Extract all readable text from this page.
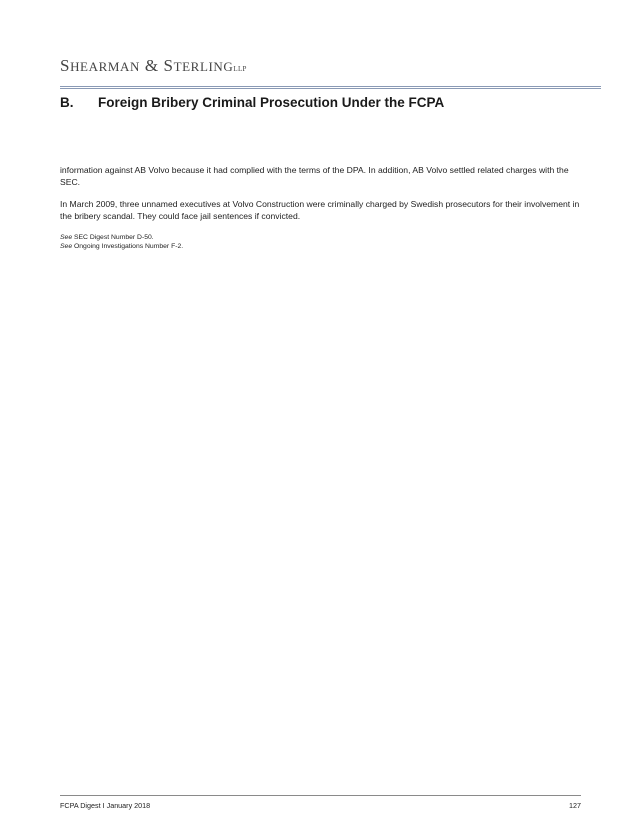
SHEARMAN & STERLINGLLP
B. Foreign Bribery Criminal Prosecution Under the FCPA
information against AB Volvo because it had complied with the terms of the DPA. In addition, AB Volvo settled related charges with the SEC.
In March 2009, three unnamed executives at Volvo Construction were criminally charged by Swedish prosecutors for their involvement in the bribery scandal. They could face jail sentences if convicted.
See SEC Digest Number D-50.
See Ongoing Investigations Number F-2.
FCPA Digest I January 2018	127
